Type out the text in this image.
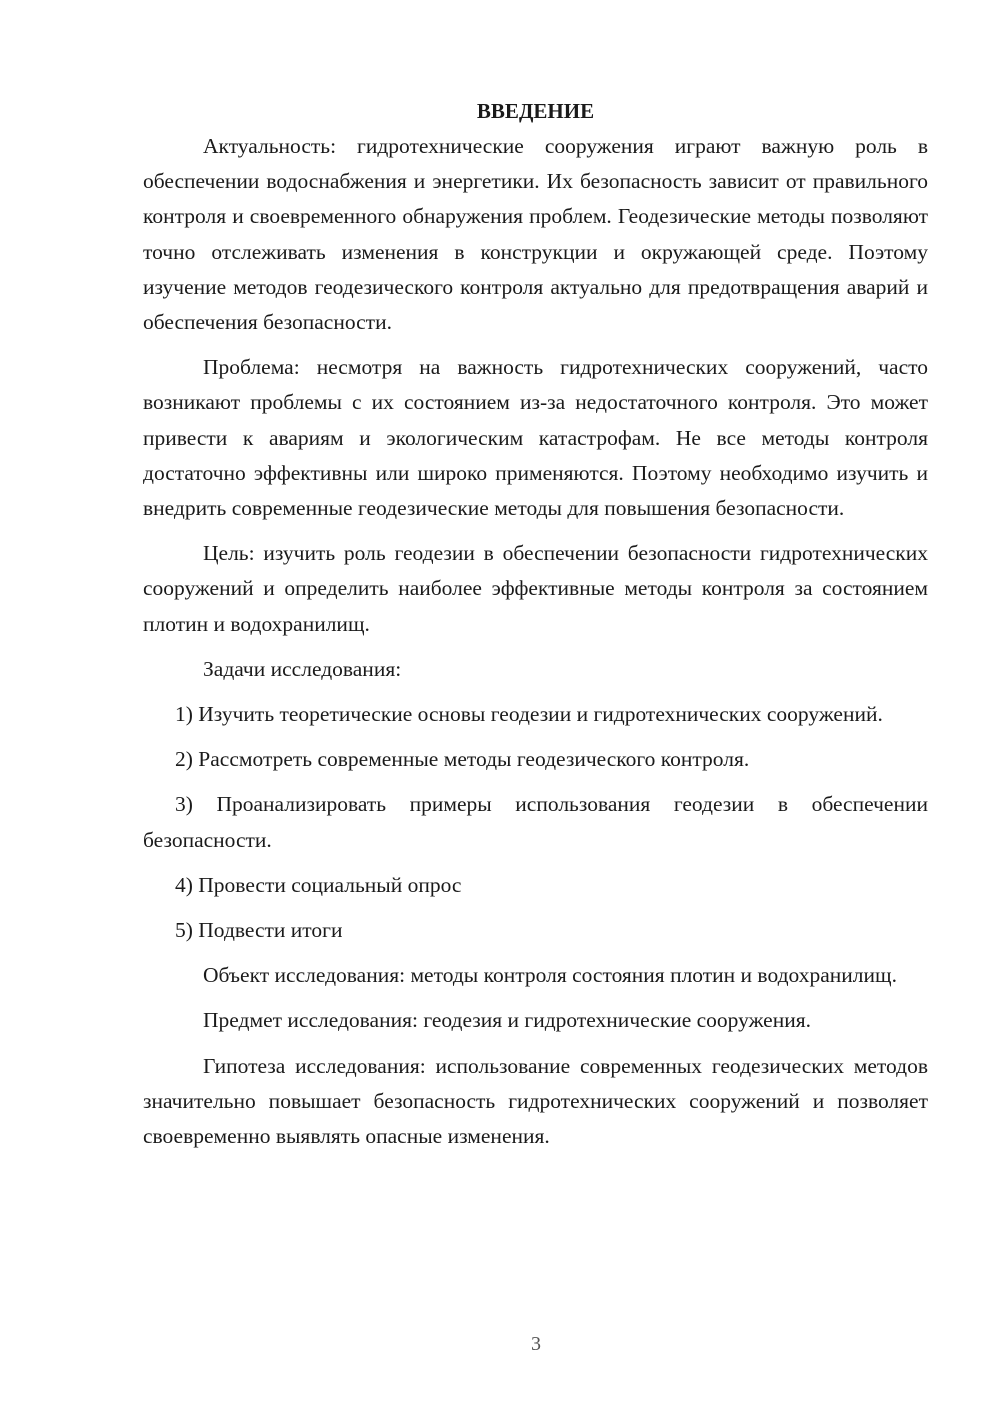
ВВЕДЕНИЕ

Актуальность: гидротехнические сооружения играют важную роль в обеспечении водоснабжения и энергетики. Их безопасность зависит от правильного контроля и своевременного обнаружения проблем. Геодезические методы позволяют точно отслеживать изменения в конструкции и окружающей среде. Поэтому изучение методов геодезического контроля актуально для предотвращения аварий и обеспечения безопасности.

Проблема: несмотря на важность гидротехнических сооружений, часто возникают проблемы с их состоянием из-за недостаточного контроля. Это может привести к авариям и экологическим катастрофам. Не все методы контроля достаточно эффективны или широко применяются. Поэтому необходимо изучить и внедрить современные геодезические методы для повышения безопасности.

Цель: изучить роль геодезии в обеспечении безопасности гидротехнических сооружений и определить наиболее эффективные методы контроля за состоянием плотин и водохранилищ.

Задачи исследования:

1) Изучить теоретические основы геодезии и гидротехнических сооружений.

2) Рассмотреть современные методы геодезического контроля.

3) Проанализировать примеры использования геодезии в обеспечении безопасности.

4) Провести социальный опрос

5) Подвести итоги

Объект исследования: методы контроля состояния плотин и водохранилищ.

Предмет исследования: геодезия и гидротехнические сооружения.

Гипотеза исследования: использование современных геодезических методов значительно повышает безопасность гидротехнических сооружений и позволяет своевременно выявлять опасные изменения.

3
